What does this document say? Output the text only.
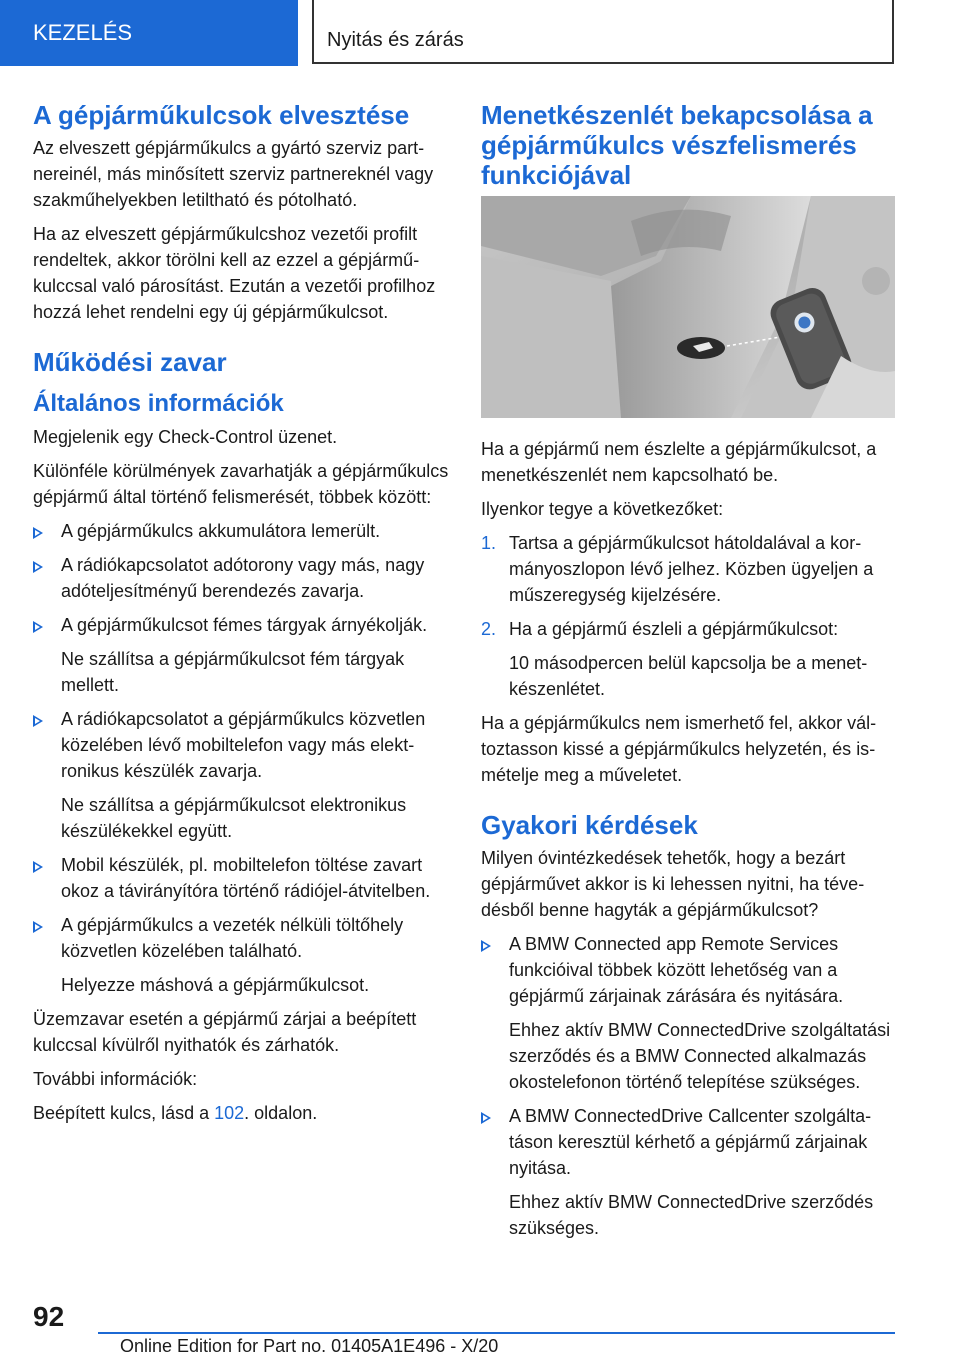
KEZELÉS	Nyitás és zárás
A gépjárműkulcsok elvesztése

Az elveszett gépjárműkulcs a gyártó szerviz partnereinél, más minősített szerviz partnereknél vagy szakműhelyekben letiltható és pótolható.

Ha az elveszett gépjárműkulcshoz vezetői profilt rendeltek, akkor törölni kell az ezzel a gépjárműkulccsal való párosítást. Ezután a vezetői profilhoz hozzá lehet rendelni egy új gépjárműkulcsot.

Működési zavar
Általános információk

Megjelenik egy Check-Control üzenet.

Különféle körülmények zavarhatják a gépjárműkulcs gépjármű által történő felismerését, többek között:

A gépjárműkulcs akkumulátora lemerült.
A rádiókapcsolatot adótorony vagy más, nagy adóteljesítményű berendezés zavarja.
A gépjárműkulcsot fémes tárgyak árnyékolják.
Ne szállítsa a gépjárműkulcsot fém tárgyak mellett.
A rádiókapcsolatot a gépjárműkulcs közvetlen közelében lévő mobiltelefon vagy más elektronikus készülék zavarja.
Ne szállítsa a gépjárműkulcsot elektronikus készülékekkel együtt.
Mobil készülék, pl. mobiltelefon töltése zavart okoz a távirányítóra történő rádiójel-átvitelben.
A gépjárműkulcs a vezeték nélküli töltőhely közvetlen közelében található.
Helyezze máshová a gépjárműkulcsot.

Üzemzavar esetén a gépjármű zárjai a beépített kulccsal kívülről nyithatók és zárhatók.

További információk:

Beépített kulcs, lásd a 102. oldalon.

Menetkészenlét bekapcsolása a gépjárműkulcs vészfelismerés funkciójával

Ha a gépjármű nem észlelte a gépjárműkulcsot, a menetkészenlét nem kapcsolható be.

Ilyenkor tegye a következőket:

1. Tartsa a gépjárműkulcsot hátoldalával a kormányoszlopon lévő jelhez. Közben ügyeljen a műszeregység kijelzésére.
2. Ha a gépjármű észleli a gépjárműkulcsot:
10 másodpercen belül kapcsolja be a menetkészenlétet.

Ha a gépjárműkulcs nem ismerhető fel, akkor változtasson kissé a gépjárműkulcs helyzetén, és ismételje meg a műveletet.

Gyakori kérdések

Milyen óvintézkedések tehetők, hogy a bezárt gépjárművet akkor is ki lehessen nyitni, ha tévedésből benne hagyták a gépjárműkulcsot?

A BMW Connected app Remote Services funkcióival többek között lehetőség van a gépjármű zárjainak zárására és nyitására.
Ehhez aktív BMW ConnectedDrive szolgáltatási szerződés és a BMW Connected alkalmazás okostelefonon történő telepítése szükséges.
A BMW ConnectedDrive Callcenter szolgáltatáson keresztül kérhető a gépjármű zárjainak nyitása.
Ehhez aktív BMW ConnectedDrive szerződés szükséges.
92
Online Edition for Part no. 01405A1E496 - X/20
